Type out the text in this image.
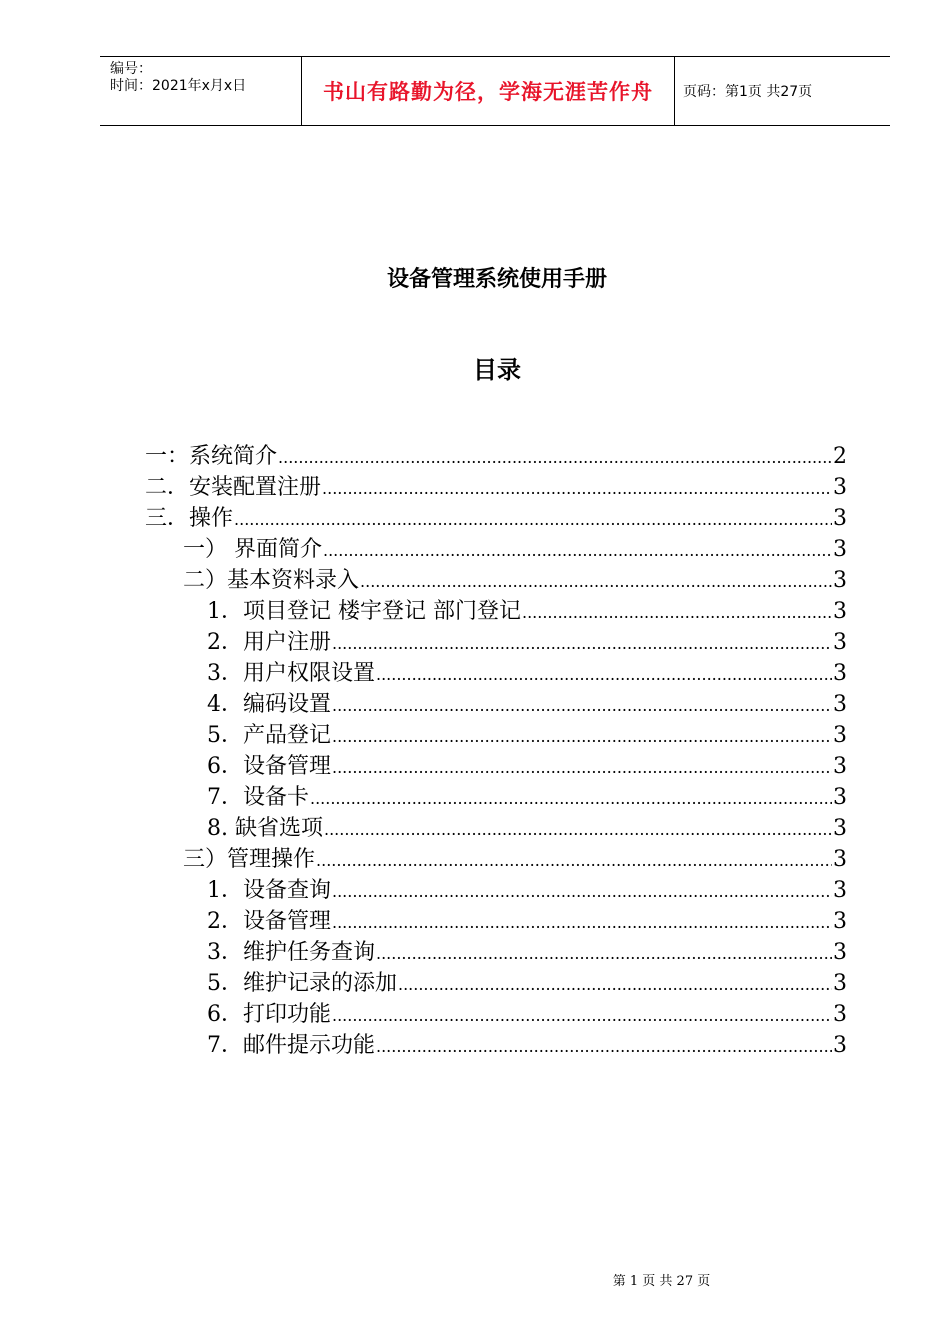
编号：
时间：2021年x月x日	书山有路勤为径，学海无涯苦作舟 页码：第1页 共27页
设备管理系统使用手册
目录
一：系统简介 .....	2
二．安装配置注册 .....	3
三．操作 .....	3
一） 界面简介 .....	3
二）基本资料录入 .....	3
1．项目登记 楼宇登记 部门登记 .....	3
2．用户注册 .....	3
3．用户权限设置 .....	3
4．编码设置 .....	3
5．产品登记 .....	3
6．设备管理 .....	3
7．设备卡 .....	3
8. 缺省选项 .....	3
三）管理操作 .....	3
1．设备查询 .....	3
2．设备管理 .....	3
3．维护任务查询 .....	3
5．维护记录的添加 .....	3
6．打印功能 .....	3
7．邮件提示功能 .....	3
第 1 页 共 27 页
